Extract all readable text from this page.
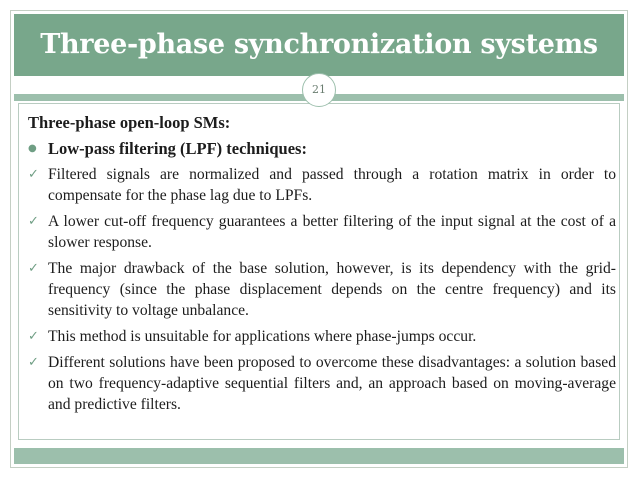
Three-phase synchronization systems
21
Three-phase open-loop SMs:
● Low-pass filtering (LPF) techniques:
✓ Filtered signals are normalized and passed through a rotation matrix in order to compensate for the phase lag due to LPFs.
✓ A lower cut-off frequency guarantees a better filtering of the input signal at the cost of a slower response.
✓ The major drawback of the base solution, however, is its dependency with the grid-frequency (since the phase displacement depends on the centre frequency) and its sensitivity to voltage unbalance.
✓ This method is unsuitable for applications where phase-jumps occur.
✓ Different solutions have been proposed to overcome these disadvantages: a solution based on two frequency-adaptive sequential filters and, an approach based on moving-average and predictive filters.
